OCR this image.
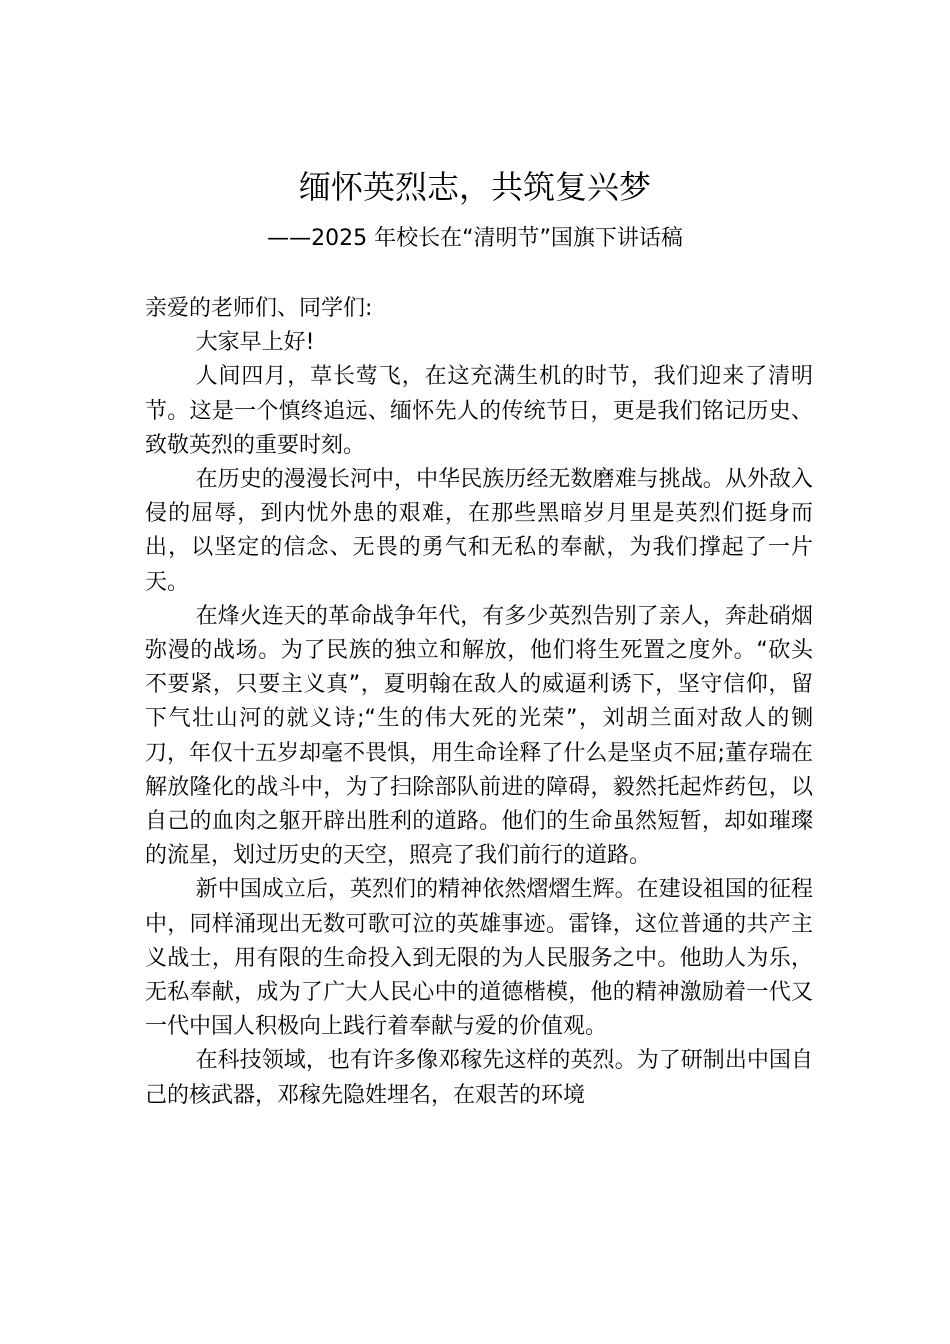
缅怀英烈志，共筑复兴梦
——2025 年校长在“清明节”国旗下讲话稿

亲爱的老师们、同学们:

大家早上好!

人间四月，草长莺飞，在这充满生机的时节，我们迎来了清明节。这是一个慎终追远、缅怀先人的传统节日，更是我们铭记历史、致敬英烈的重要时刻。

在历史的漫漫长河中，中华民族历经无数磨难与挑战。从外敌入侵的屈辱，到内忧外患的艰难，在那些黑暗岁月里是英烈们挺身而出，以坚定的信念、无畏的勇气和无私的奉献，为我们撑起了一片天。

在烽火连天的革命战争年代，有多少英烈告别了亲人，奔赴硝烟弥漫的战场。为了民族的独立和解放，他们将生死置之度外。“砍头不要紧，只要主义真”，夏明翰在敌人的威逼利诱下，坚守信仰，留下气壮山河的就义诗;“生的伟大死的光荣”，刘胡兰面对敌人的铡刀，年仅十五岁却毫不畏惧，用生命诠释了什么是坚贞不屈;董存瑞在解放隆化的战斗中，为了扫除部队前进的障碍，毅然托起炸药包，以自己的血肉之躯开辟出胜利的道路。他们的生命虽然短暂，却如璀璨的流星，划过历史的天空，照亮了我们前行的道路。

新中国成立后，英烈们的精神依然熠熠生辉。在建设祖国的征程中，同样涌现出无数可歌可泣的英雄事迹。雷锋，这位普通的共产主义战士，用有限的生命投入到无限的为人民服务之中。他助人为乐，无私奉献，成为了广大人民心中的道德楷模，他的精神激励着一代又一代中国人积极向上践行着奉献与爱的价值观。

在科技领域，也有许多像邓稼先这样的英烈。为了研制出中国自己的核武器，邓稼先隐姓埋名，在艰苦的环境
